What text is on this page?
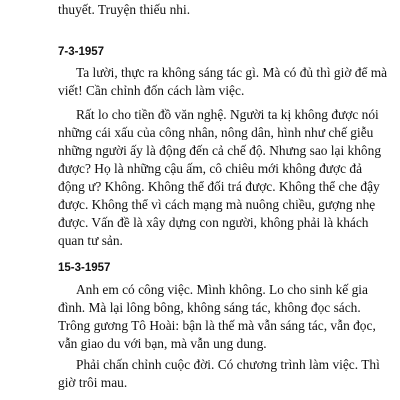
thuyết. Truyện thiếu nhi.
7-3-1957
Ta lười, thực ra không sáng tác gì. Mà có đủ thì giờ để mà
viết! Cần chỉnh đốn cách làm việc.
Rất lo cho tiền đồ văn nghệ. Người ta kị không được nói
những cái xấu của công nhân, nông dân, hình như chế giễu
những người ấy là động đến cả chế độ. Nhưng sao lại không
được? Họ là những cậu ấm, cô chiêu mới không được đả
động ư? Không. Không thể đối trá được. Không thể che đậy
được. Không thể vì cách mạng mà nuông chiều, gượng nhẹ
được. Vấn đề là xây dựng con người, không phải là khách
quan tư sản.
15-3-1957
Anh em có công việc. Mình không. Lo cho sinh kế gia
đình. Mà lại lông bông, không sáng tác, không đọc sách.
Trông gương Tô Hoài: bận là thế mà vẫn sáng tác, vẫn đọc,
vẫn giao du với bạn, mà vẫn ung dung.
Phải chấn chỉnh cuộc đời. Có chương trình làm việc. Thì
giờ trôi mau.
